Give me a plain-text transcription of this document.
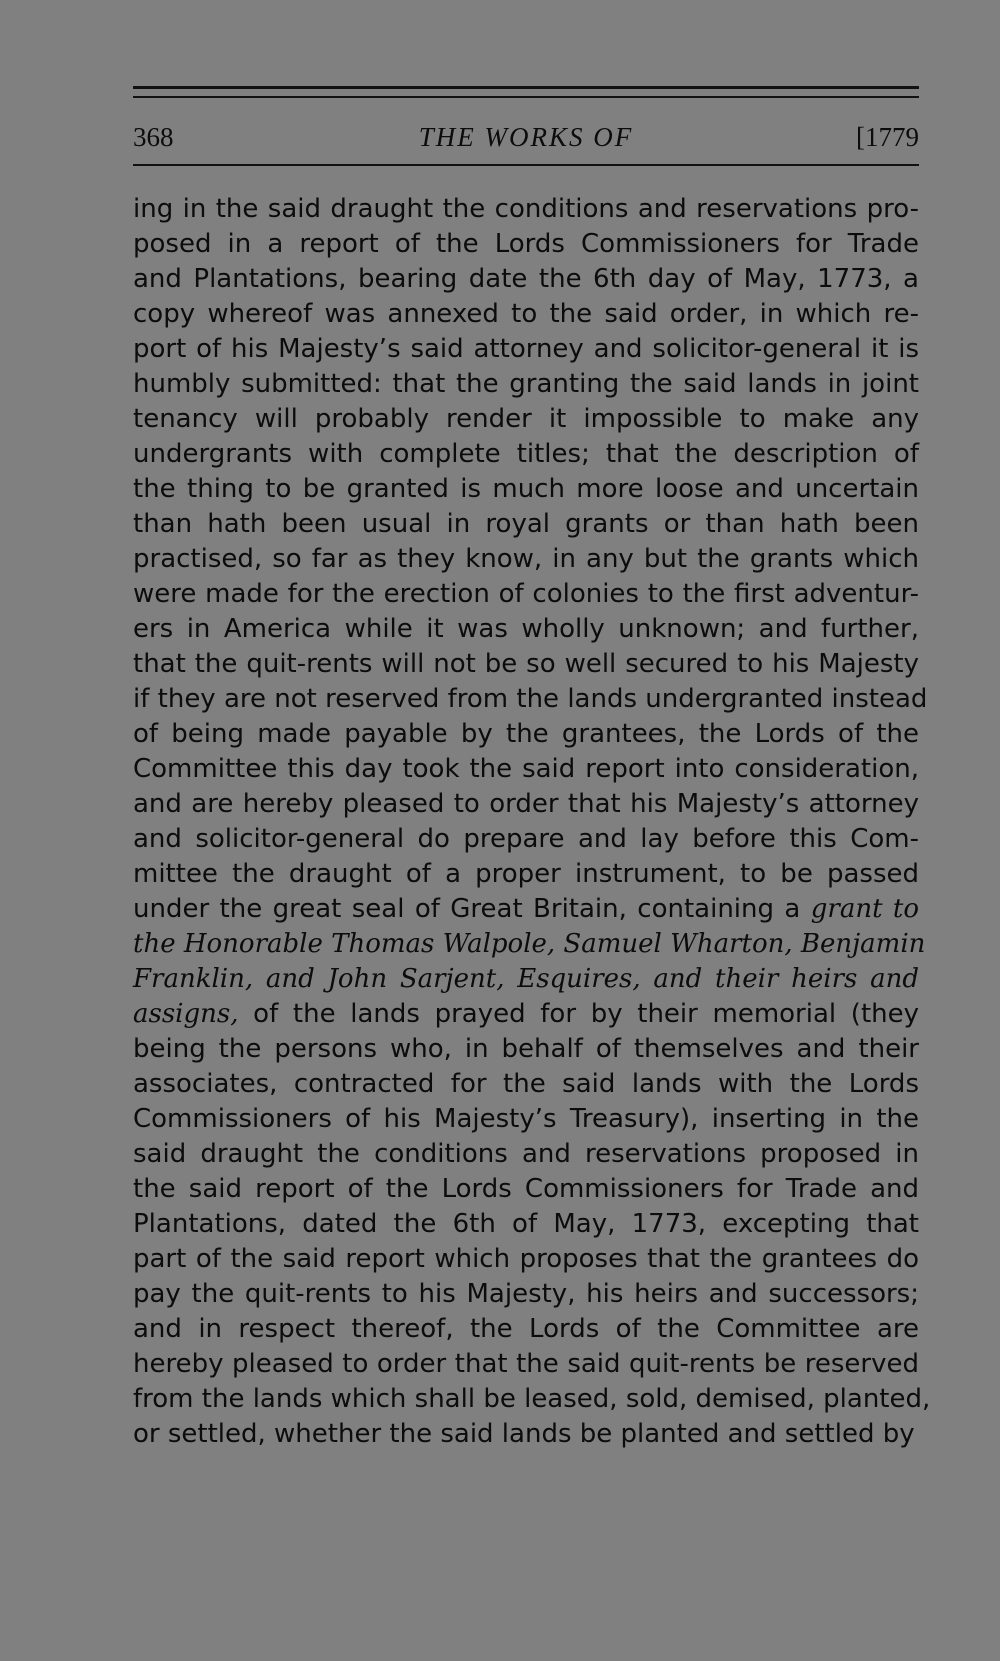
368	THE WORKS OF	[1779
ing in the said draught the conditions and reservations pro-
posed in a report of the Lords Commissioners for Trade
and Plantations, bearing date the 6th day of May, 1773, a
copy whereof was annexed to the said order, in which re-
port of his Majesty’s said attorney and solicitor-general it is
humbly submitted: that the granting the said lands in joint
tenancy will probably render it impossible to make any
undergrants with complete titles; that the description of
the thing to be granted is much more loose and uncertain
than hath been usual in royal grants or than hath been
practised, so far as they know, in any but the grants which
were made for the erection of colonies to the first adventur-
ers in America while it was wholly unknown; and further,
that the quit-rents will not be so well secured to his Majesty
if they are not reserved from the lands undergranted instead
of being made payable by the grantees, the Lords of the
Committee this day took the said report into consideration,
and are hereby pleased to order that his Majesty’s attorney
and solicitor-general do prepare and lay before this Com-
mittee the draught of a proper instrument, to be passed
under the great seal of Great Britain, containing a grant to
the Honorable Thomas Walpole, Samuel Wharton, Benjamin
Franklin, and John Sarjent, Esquires, and their heirs and
assigns, of the lands prayed for by their memorial (they
being the persons who, in behalf of themselves and their
associates, contracted for the said lands with the Lords
Commissioners of his Majesty’s Treasury), inserting in the
said draught the conditions and reservations proposed in
the said report of the Lords Commissioners for Trade and
Plantations, dated the 6th of May, 1773, excepting that
part of the said report which proposes that the grantees do
pay the quit-rents to his Majesty, his heirs and successors;
and in respect thereof, the Lords of the Committee are
hereby pleased to order that the said quit-rents be reserved
from the lands which shall be leased, sold, demised, planted,
or settled, whether the said lands be planted and settled by
